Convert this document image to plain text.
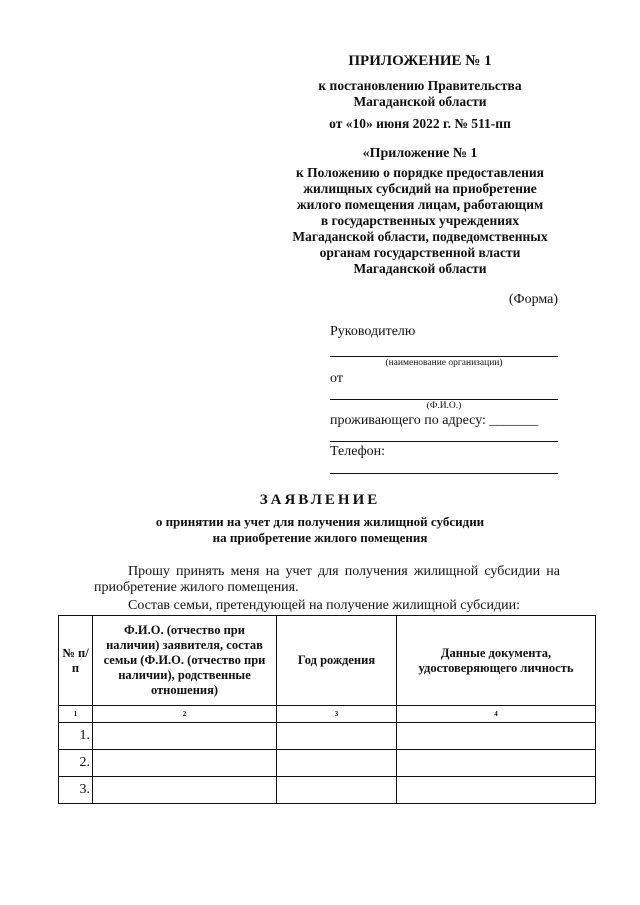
ПРИЛОЖЕНИЕ № 1
к постановлению Правительства
Магаданской области
от «10» июня 2022 г. № 511-пп
«Приложение № 1
к Положению о порядке предоставления
жилищных субсидий на приобретение
жилого помещения лицам, работающим
в государственных учреждениях
Магаданской области, подведомственных
органам государственной власти
Магаданской области
(Форма)
Руководителю
(наименование организации)
от
(Ф.И.О.)
проживающего по адресу: _______
Телефон:
ЗАЯВЛЕНИЕ
о принятии на учет для получения жилищной субсидии
на приобретение жилого помещения
Прошу принять меня на учет для получения жилищной субсидии на приобретение жилого помещения.
Состав семьи, претендующей на получение жилищной субсидии:
№ п/п	Ф.И.О. (отчество при наличии) заявителя, состав семьи (Ф.И.О. (отчество при наличии), родственные отношения)	Год рождения	Данные документа, удостоверяющего личность
1	2	3	4
1.			
2.			
3.			
